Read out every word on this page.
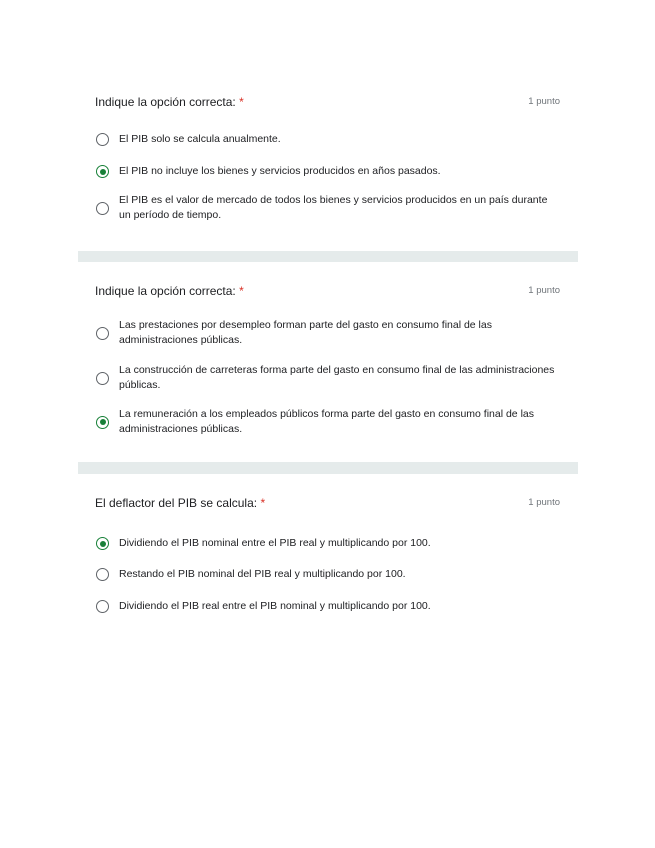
Indique la opción correcta: *	1 punto
El PIB solo se calcula anualmente.
El PIB no incluye los bienes y servicios producidos en años pasados.
El PIB es el valor de mercado de todos los bienes y servicios producidos en un país durante un período de tiempo.
Indique la opción correcta: *	1 punto
Las prestaciones por desempleo forman parte del gasto en consumo final de las administraciones públicas.
La construcción de carreteras forma parte del gasto en consumo final de las administraciones públicas.
La remuneración a los empleados públicos forma parte del gasto en consumo final de las administraciones públicas.
El deflactor del PIB se calcula: *	1 punto
Dividiendo el PIB nominal entre el PIB real y multiplicando por 100.
Restando el PIB nominal del PIB real y multiplicando por 100.
Dividiendo el PIB real entre el PIB nominal y multiplicando por 100.
